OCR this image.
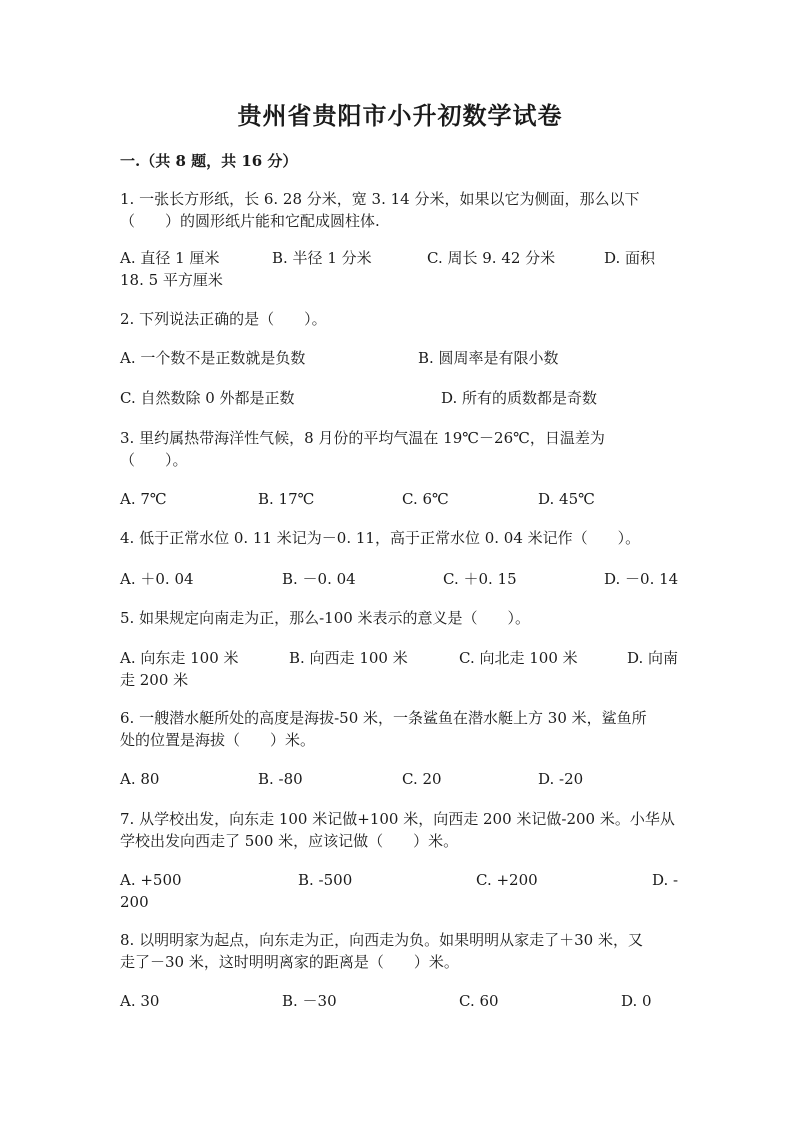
贵州省贵阳市小升初数学试卷
一.（共 8 题，共 16 分）
1. 一张长方形纸，长 6. 28 分米，宽 3. 14 分米，如果以它为侧面，那么以下
（　　）的圆形纸片能和它配成圆柱体.
A. 直径 1 厘米	B. 半径 1 分米	C. 周长 9. 42 分米	D. 面积
18. 5 平方厘米
2. 下列说法正确的是（　　）。
A. 一个数不是正数就是负数	B. 圆周率是有限小数
C. 自然数除 0 外都是正数	D. 所有的质数都是奇数
3. 里约属热带海洋性气候，8 月份的平均气温在 19℃－26℃，日温差为
（　　）。
A. 7℃	B. 17℃	C. 6℃	D. 45℃
4. 低于正常水位 0. 11 米记为－0. 11，高于正常水位 0. 04 米记作（　　）。
A. ＋0. 04	B. －0. 04	C. ＋0. 15	D. －0. 14
5. 如果规定向南走为正，那么-100 米表示的意义是（　　）。
A. 向东走 100 米	B. 向西走 100 米	C. 向北走 100 米	D. 向南
走 200 米
6. 一艘潜水艇所处的高度是海拔-50 米，一条鲨鱼在潜水艇上方 30 米，鲨鱼所
处的位置是海拔（　　）米。
A. 80	B. -80	C. 20	D. -20
7. 从学校出发，向东走 100 米记做+100 米，向西走 200 米记做-200 米。小华从
学校出发向西走了 500 米，应该记做（　　）米。
A. +500	B. -500	C. +200	D. -
200
8. 以明明家为起点，向东走为正，向西走为负。如果明明从家走了＋30 米，又
走了－30 米，这时明明离家的距离是（　　）米。
A. 30	B. －30	C. 60	D. 0
